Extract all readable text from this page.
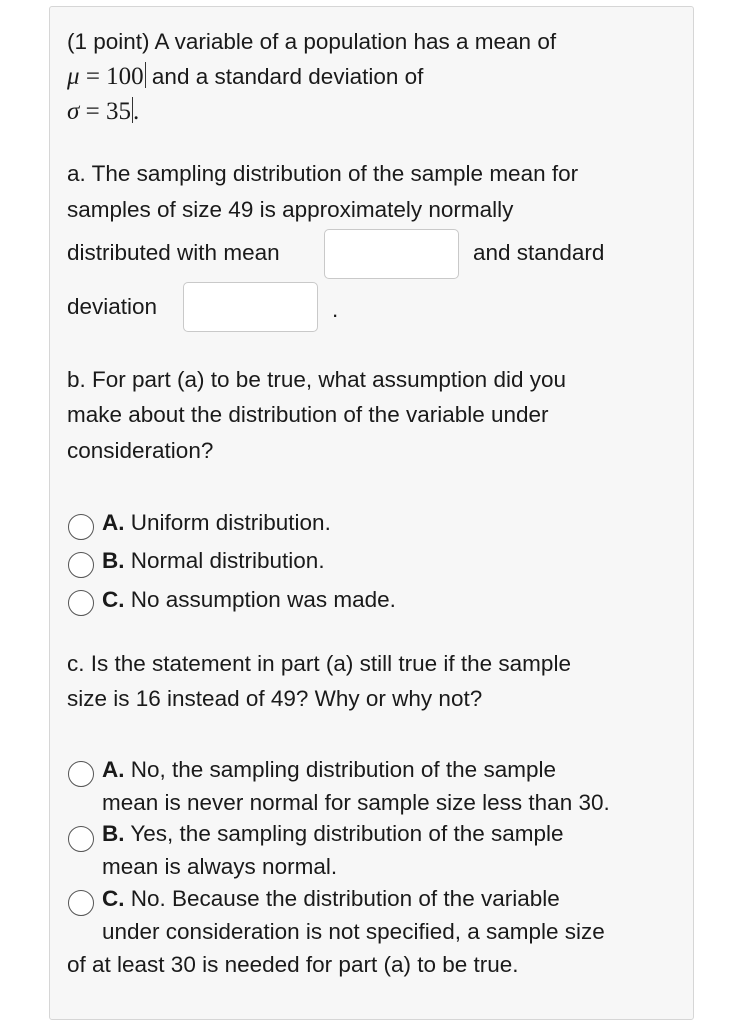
(1 point) A variable of a population has a mean of
μ = 100 and a standard deviation of
σ = 35.
a. The sampling distribution of the sample mean for
samples of size 49 is approximately normally
distributed with mean	and standard
deviation	.
b. For part (a) to be true, what assumption did you
make about the distribution of the variable under
consideration?
A. Uniform distribution.
B. Normal distribution.
C. No assumption was made.
c. Is the statement in part (a) still true if the sample
size is 16 instead of 49? Why or why not?
A. No, the sampling distribution of the sample
mean is never normal for sample size less than 30.
B. Yes, the sampling distribution of the sample
mean is always normal.
C. No. Because the distribution of the variable
under consideration is not specified, a sample size
of at least 30 is needed for part (a) to be true.
